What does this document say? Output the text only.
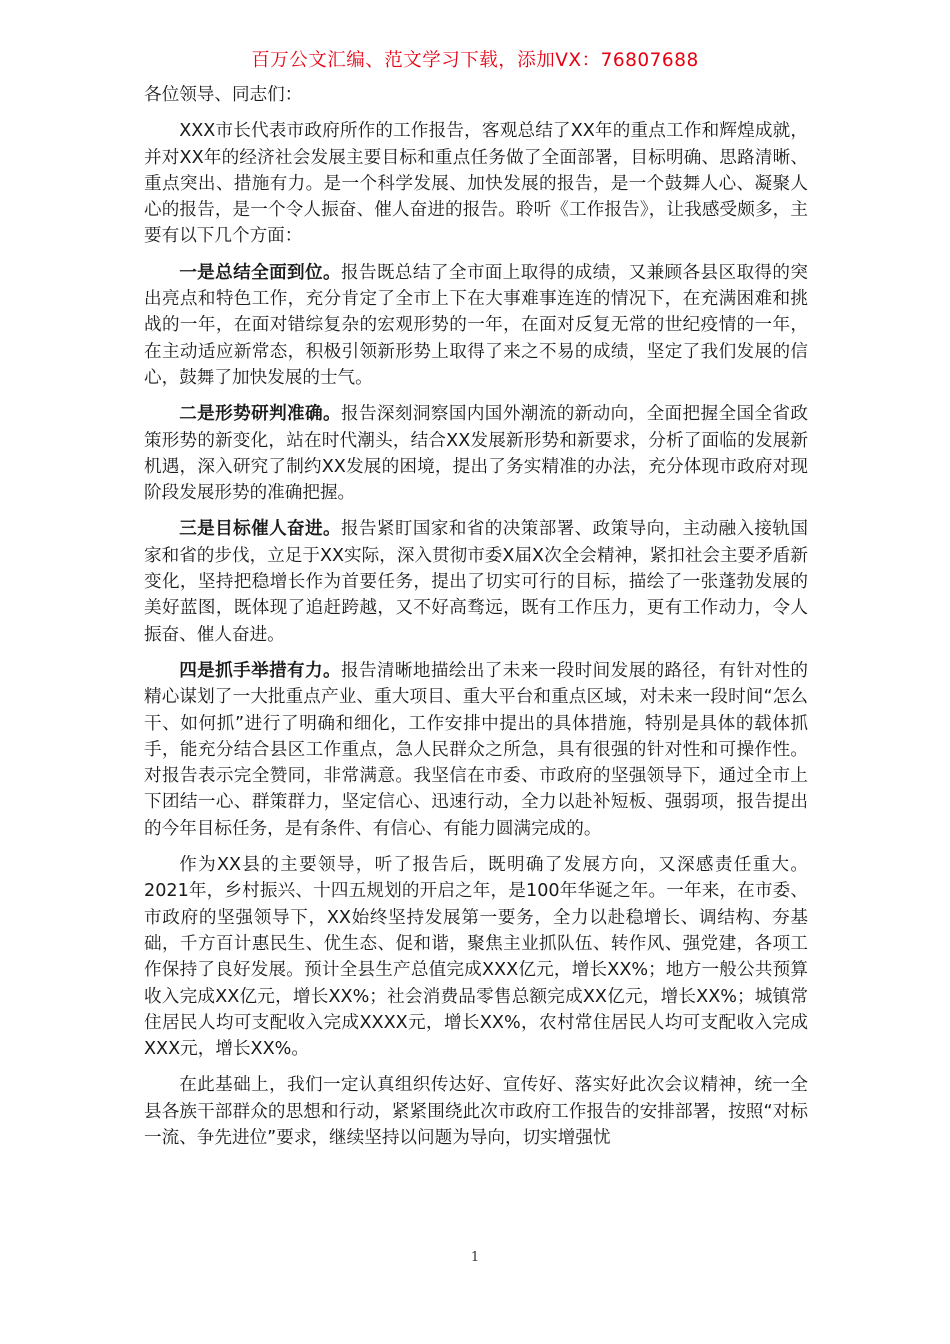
百万公文汇编、范文学习下载，添加VX：76807688

各位领导、同志们：

XXX市长代表市政府所作的工作报告，客观总结了XX年的重点工作和辉煌成就，并对XX年的经济社会发展主要目标和重点任务做了全面部署，目标明确、思路清晰、重点突出、措施有力。是一个科学发展、加快发展的报告，是一个鼓舞人心、凝聚人心的报告，是一个令人振奋、催人奋进的报告。聆听《工作报告》，让我感受颇多，主要有以下几个方面：

一是总结全面到位。报告既总结了全市面上取得的成绩，又兼顾各县区取得的突出亮点和特色工作，充分肯定了全市上下在大事难事连连的情况下，在充满困难和挑战的一年，在面对错综复杂的宏观形势的一年，在面对反复无常的世纪疫情的一年，在主动适应新常态，积极引领新形势上取得了来之不易的成绩，坚定了我们发展的信心，鼓舞了加快发展的士气。

二是形势研判准确。报告深刻洞察国内国外潮流的新动向，全面把握全国全省政策形势的新变化，站在时代潮头，结合XX发展新形势和新要求，分析了面临的发展新机遇，深入研究了制约XX发展的困境，提出了务实精准的办法，充分体现市政府对现阶段发展形势的准确把握。

三是目标催人奋进。报告紧盯国家和省的决策部署、政策导向，主动融入接轨国家和省的步伐，立足于XX实际，深入贯彻市委X届X次全会精神，紧扣社会主要矛盾新变化，坚持把稳增长作为首要任务，提出了切实可行的目标，描绘了一张蓬勃发展的美好蓝图，既体现了追赶跨越，又不好高骛远，既有工作压力，更有工作动力，令人振奋、催人奋进。

四是抓手举措有力。报告清晰地描绘出了未来一段时间发展的路径，有针对性的精心谋划了一大批重点产业、重大项目、重大平台和重点区域，对未来一段时间“怎么干、如何抓”进行了明确和细化，工作安排中提出的具体措施，特别是具体的载体抓手，能充分结合县区工作重点，急人民群众之所急，具有很强的针对性和可操作性。对报告表示完全赞同，非常满意。我坚信在市委、市政府的坚强领导下，通过全市上下团结一心、群策群力，坚定信心、迅速行动，全力以赴补短板、强弱项，报告提出的今年目标任务，是有条件、有信心、有能力圆满完成的。

作为XX县的主要领导，听了报告后，既明确了发展方向，又深感责任重大。2021年，乡村振兴、十四五规划的开启之年，是100年华诞之年。一年来，在市委、市政府的坚强领导下，XX始终坚持发展第一要务，全力以赴稳增长、调结构、夯基础，千方百计惠民生、优生态、促和谐，聚焦主业抓队伍、转作风、强党建，各项工作保持了良好发展。预计全县生产总值完成XXX亿元，增长XX%；地方一般公共预算收入完成XX亿元，增长XX%；社会消费品零售总额完成XX亿元，增长XX%；城镇常住居民人均可支配收入完成XXXX元，增长XX%，农村常住居民人均可支配收入完成XXX元，增长XX%。

在此基础上，我们一定认真组织传达好、宣传好、落实好此次会议精神，统一全县各族干部群众的思想和行动，紧紧围绕此次市政府工作报告的安排部署，按照“对标一流、争先进位”要求，继续坚持以问题为导向，切实增强忧

1
